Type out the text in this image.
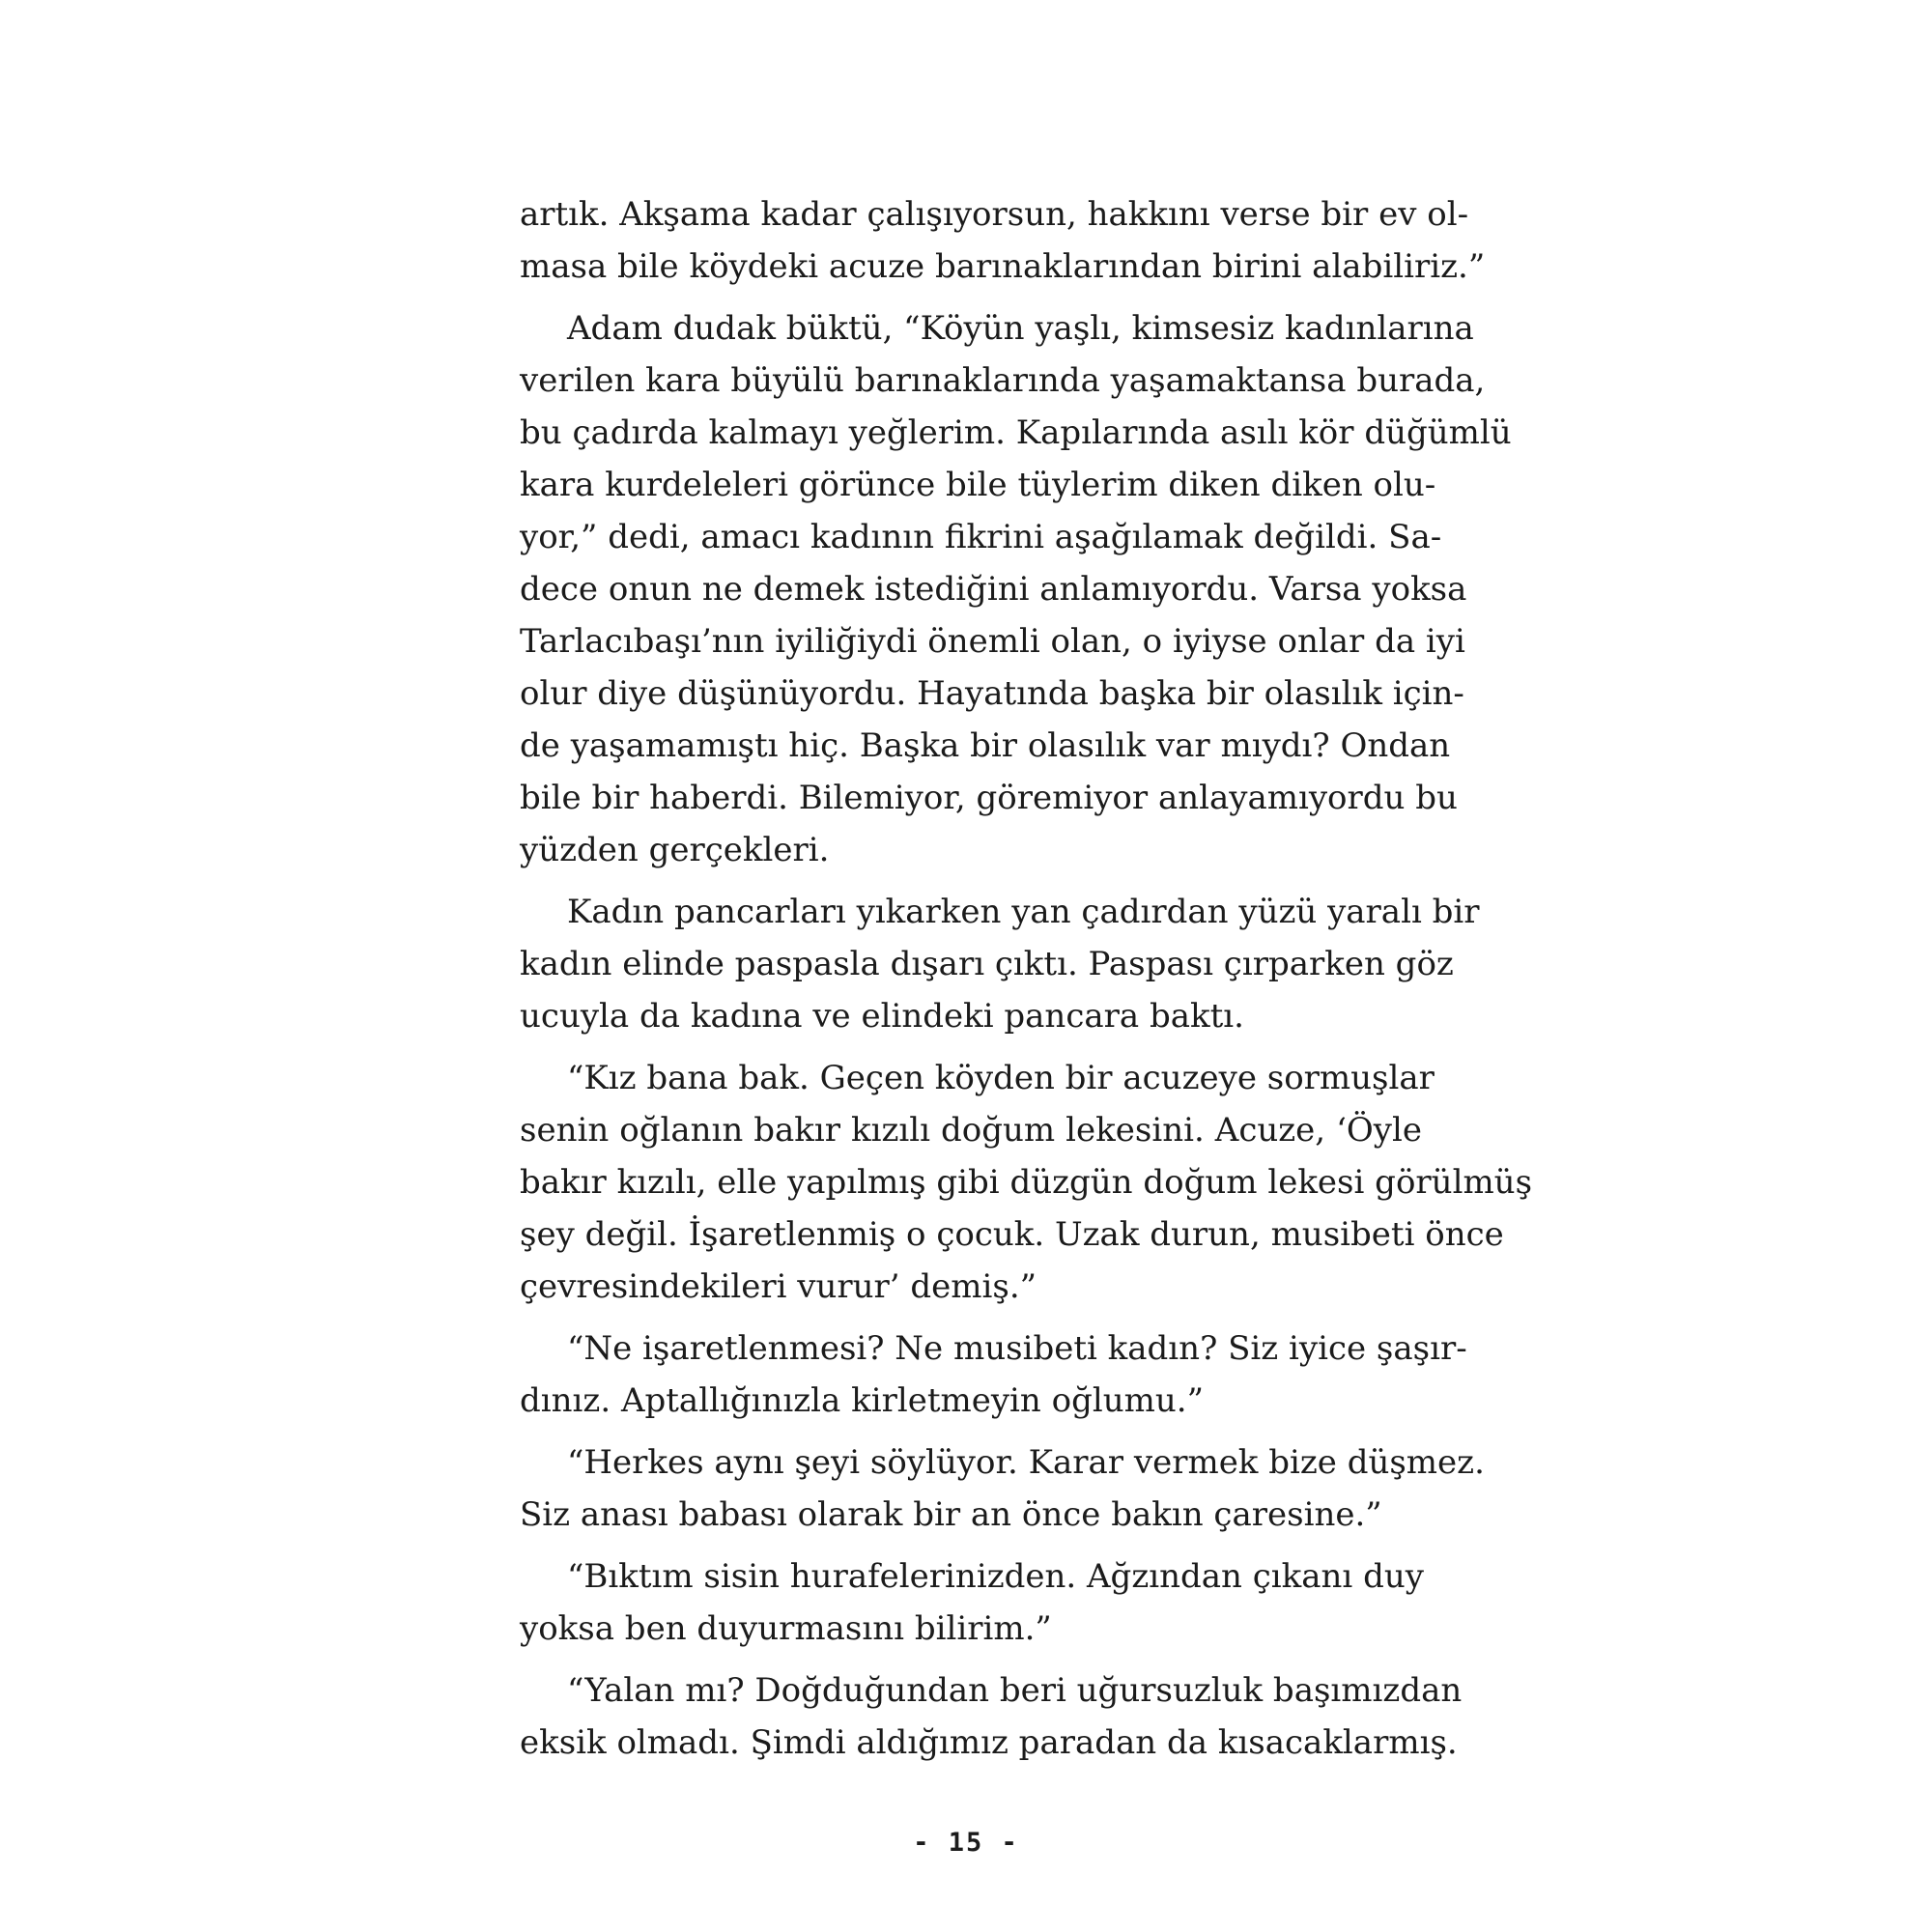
artık. Akşama kadar çalışıyorsun, hakkını verse bir ev ol-
masa bile köydeki acuze barınaklarından birini alabiliriz.”
Adam dudak büktü, “Köyün yaşlı, kimsesiz kadınlarına
verilen kara büyülü barınaklarında yaşamaktansa burada,
bu çadırda kalmayı yeğlerim. Kapılarında asılı kör düğümlü
kara kurdeleleri görünce bile tüylerim diken diken olu-
yor,” dedi, amacı kadının fikrini aşağılamak değildi. Sa-
dece onun ne demek istediğini anlamıyordu. Varsa yoksa
Tarlacıbaşı’nın iyiliğiydi önemli olan, o iyiyse onlar da iyi
olur diye düşünüyordu. Hayatında başka bir olasılık için-
de yaşamamıştı hiç. Başka bir olasılık var mıydı? Ondan
bile bir haberdi. Bilemiyor, göremiyor anlayamıyordu bu
yüzden gerçekleri.
Kadın pancarları yıkarken yan çadırdan yüzü yaralı bir
kadın elinde paspasla dışarı çıktı. Paspası çırparken göz
ucuyla da kadına ve elindeki pancara baktı.
“Kız bana bak. Geçen köyden bir acuzeye sormuşlar
senin oğlanın bakır kızılı doğum lekesini. Acuze, ‘Öyle
bakır kızılı, elle yapılmış gibi düzgün doğum lekesi görülmüş
şey değil. İşaretlenmiş o çocuk. Uzak durun, musibeti önce
çevresindekileri vurur’ demiş.”
“Ne işaretlenmesi? Ne musibeti kadın? Siz iyice şaşır-
dınız. Aptallığınızla kirletmeyin oğlumu.”
“Herkes aynı şeyi söylüyor. Karar vermek bize düşmez.
Siz anası babası olarak bir an önce bakın çaresine.”
“Bıktım sisin hurafelerinizden. Ağzından çıkanı duy
yoksa ben duyurmasını bilirim.”
“Yalan mı? Doğduğundan beri uğursuzluk başımızdan
eksik olmadı. Şimdi aldığımız paradan da kısacaklarmış.
- 15 -
